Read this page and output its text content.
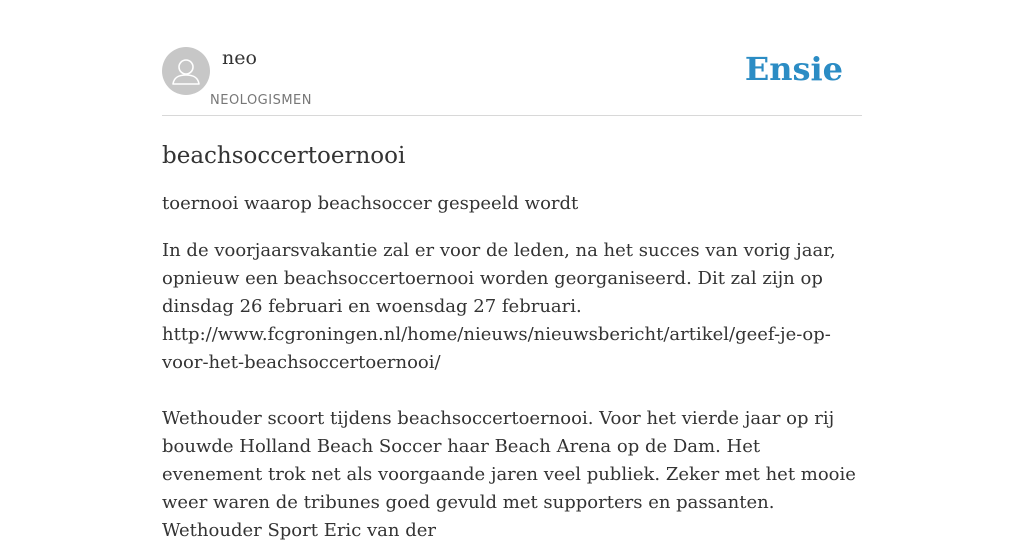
neo
NEOLOGISMEN
Ensie
beachsoccertoernooi

toernooi waarop beachsoccer gespeeld wordt

In de voorjaarsvakantie zal er voor de leden, na het succes van vorig jaar, opnieuw een beachsoccertoernooi worden georganiseerd. Dit zal zijn op dinsdag 26 februari en woensdag 27 februari.
http://www.fcgroningen.nl/home/nieuws/nieuwsbericht/artikel/geef-je-op-voor-het-beachsoccertoernooi/

Wethouder scoort tijdens beachsoccertoernooi. Voor het vierde jaar op rij bouwde Holland Beach Soccer haar Beach Arena op de Dam. Het evenement trok net als voorgaande jaren veel publiek. Zeker met het mooie weer waren de tribunes goed gevuld met supporters en passanten. Wethouder Sport Eric van der
